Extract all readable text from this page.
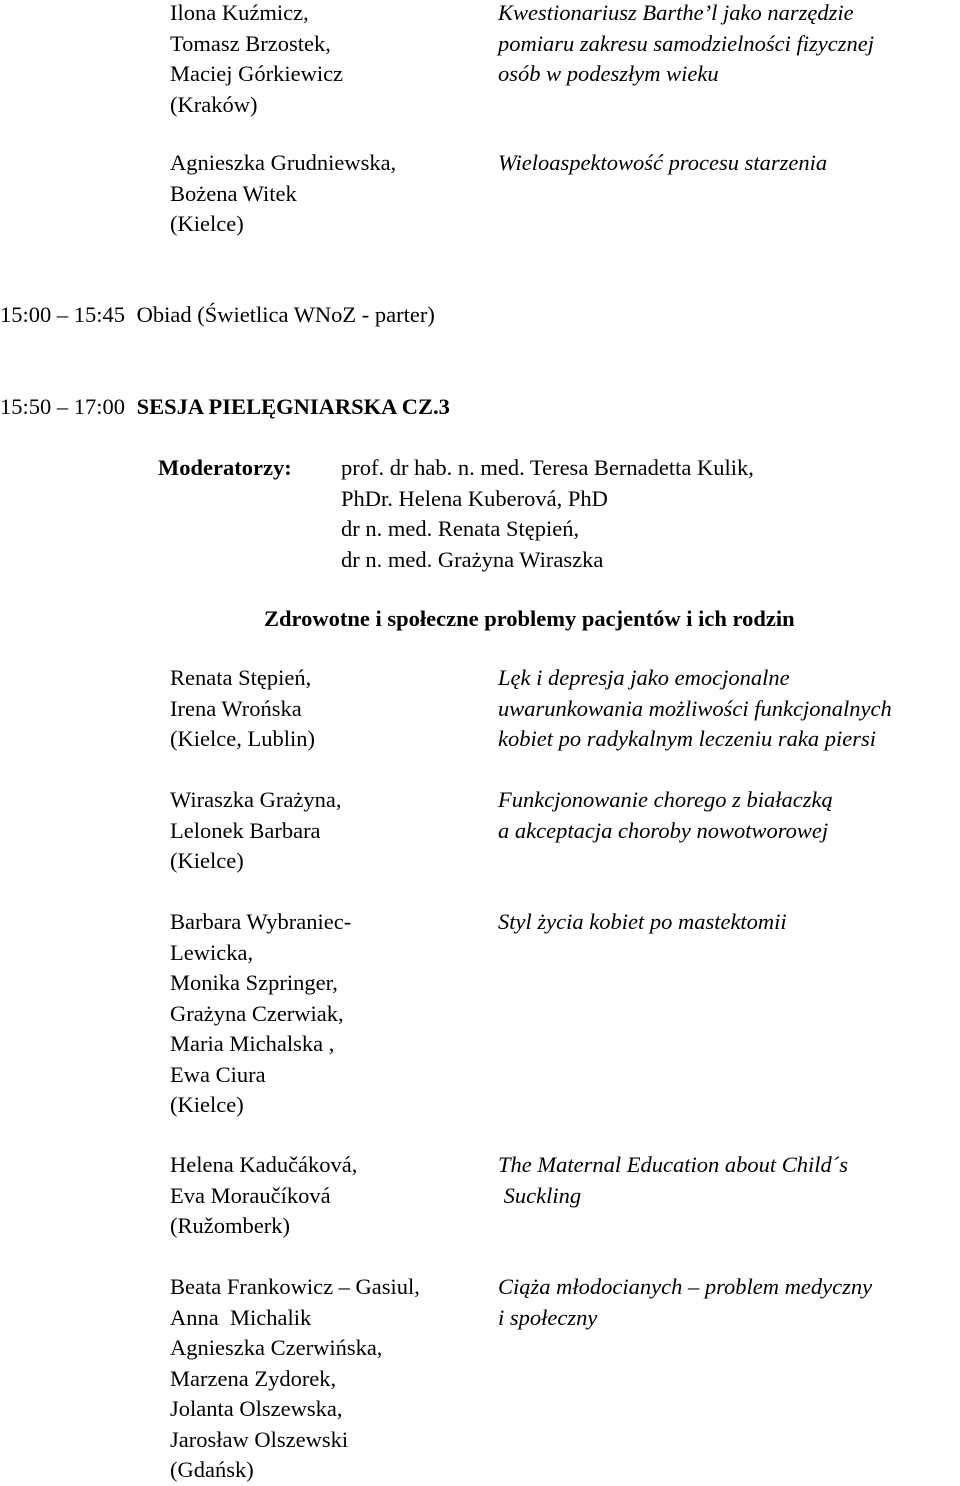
Ilona Kuźmicz,
Tomasz Brzostek,
Maciej Górkiewicz
(Kraków)
Kwestionariusz Barthe’l jako narzędzie
pomiaru zakresu samodzielności fizycznej
osób w podeszłym wieku
Agnieszka Grudniewska,
Bożena Witek
(Kielce)
Wieloaspektowość procesu starzenia
15:00 – 15:45 Obiad (Świetlica WNoZ - parter)
15:50 – 17:00 SESJA PIELĘGNIARSKA CZ.3
Moderatorzy: prof. dr hab. n. med. Teresa Bernadetta Kulik,
PhDr. Helena Kuberová, PhD
dr n. med. Renata Stępień,
dr n. med. Grażyna Wiraszka
Zdrowotne i społeczne problemy pacjentów i ich rodzin
Renata Stępień,
Irena Wrońska
(Kielce, Lublin)
Lęk i depresja jako emocjonalne
uwarunkowania możliwości funkcjonalnych
kobiet po radykalnym leczeniu raka piersi
Wiraszka Grażyna,
Lelonek Barbara
(Kielce)
Funkcjonowanie chorego z białaczką
a akceptacja choroby nowotworowej
Barbara Wybraniec-
Lewicka,
Monika Szpringer,
Grażyna Czerwiak,
Maria Michalska ,
Ewa Ciura
(Kielce)
Styl życia kobiet po mastektomii
Helena Kadučáková,
Eva Moraučíková
(Ružomberk)
The Maternal Education about Child´s
Suckling
Beata Frankowicz – Gasiul,
Anna  Michalik
Agnieszka Czerwińska,
Marzena Zydorek,
Jolanta Olszewska,
Jarosław Olszewski
(Gdańsk)
Ciąża młodocianych – problem medyczny
i społeczny
